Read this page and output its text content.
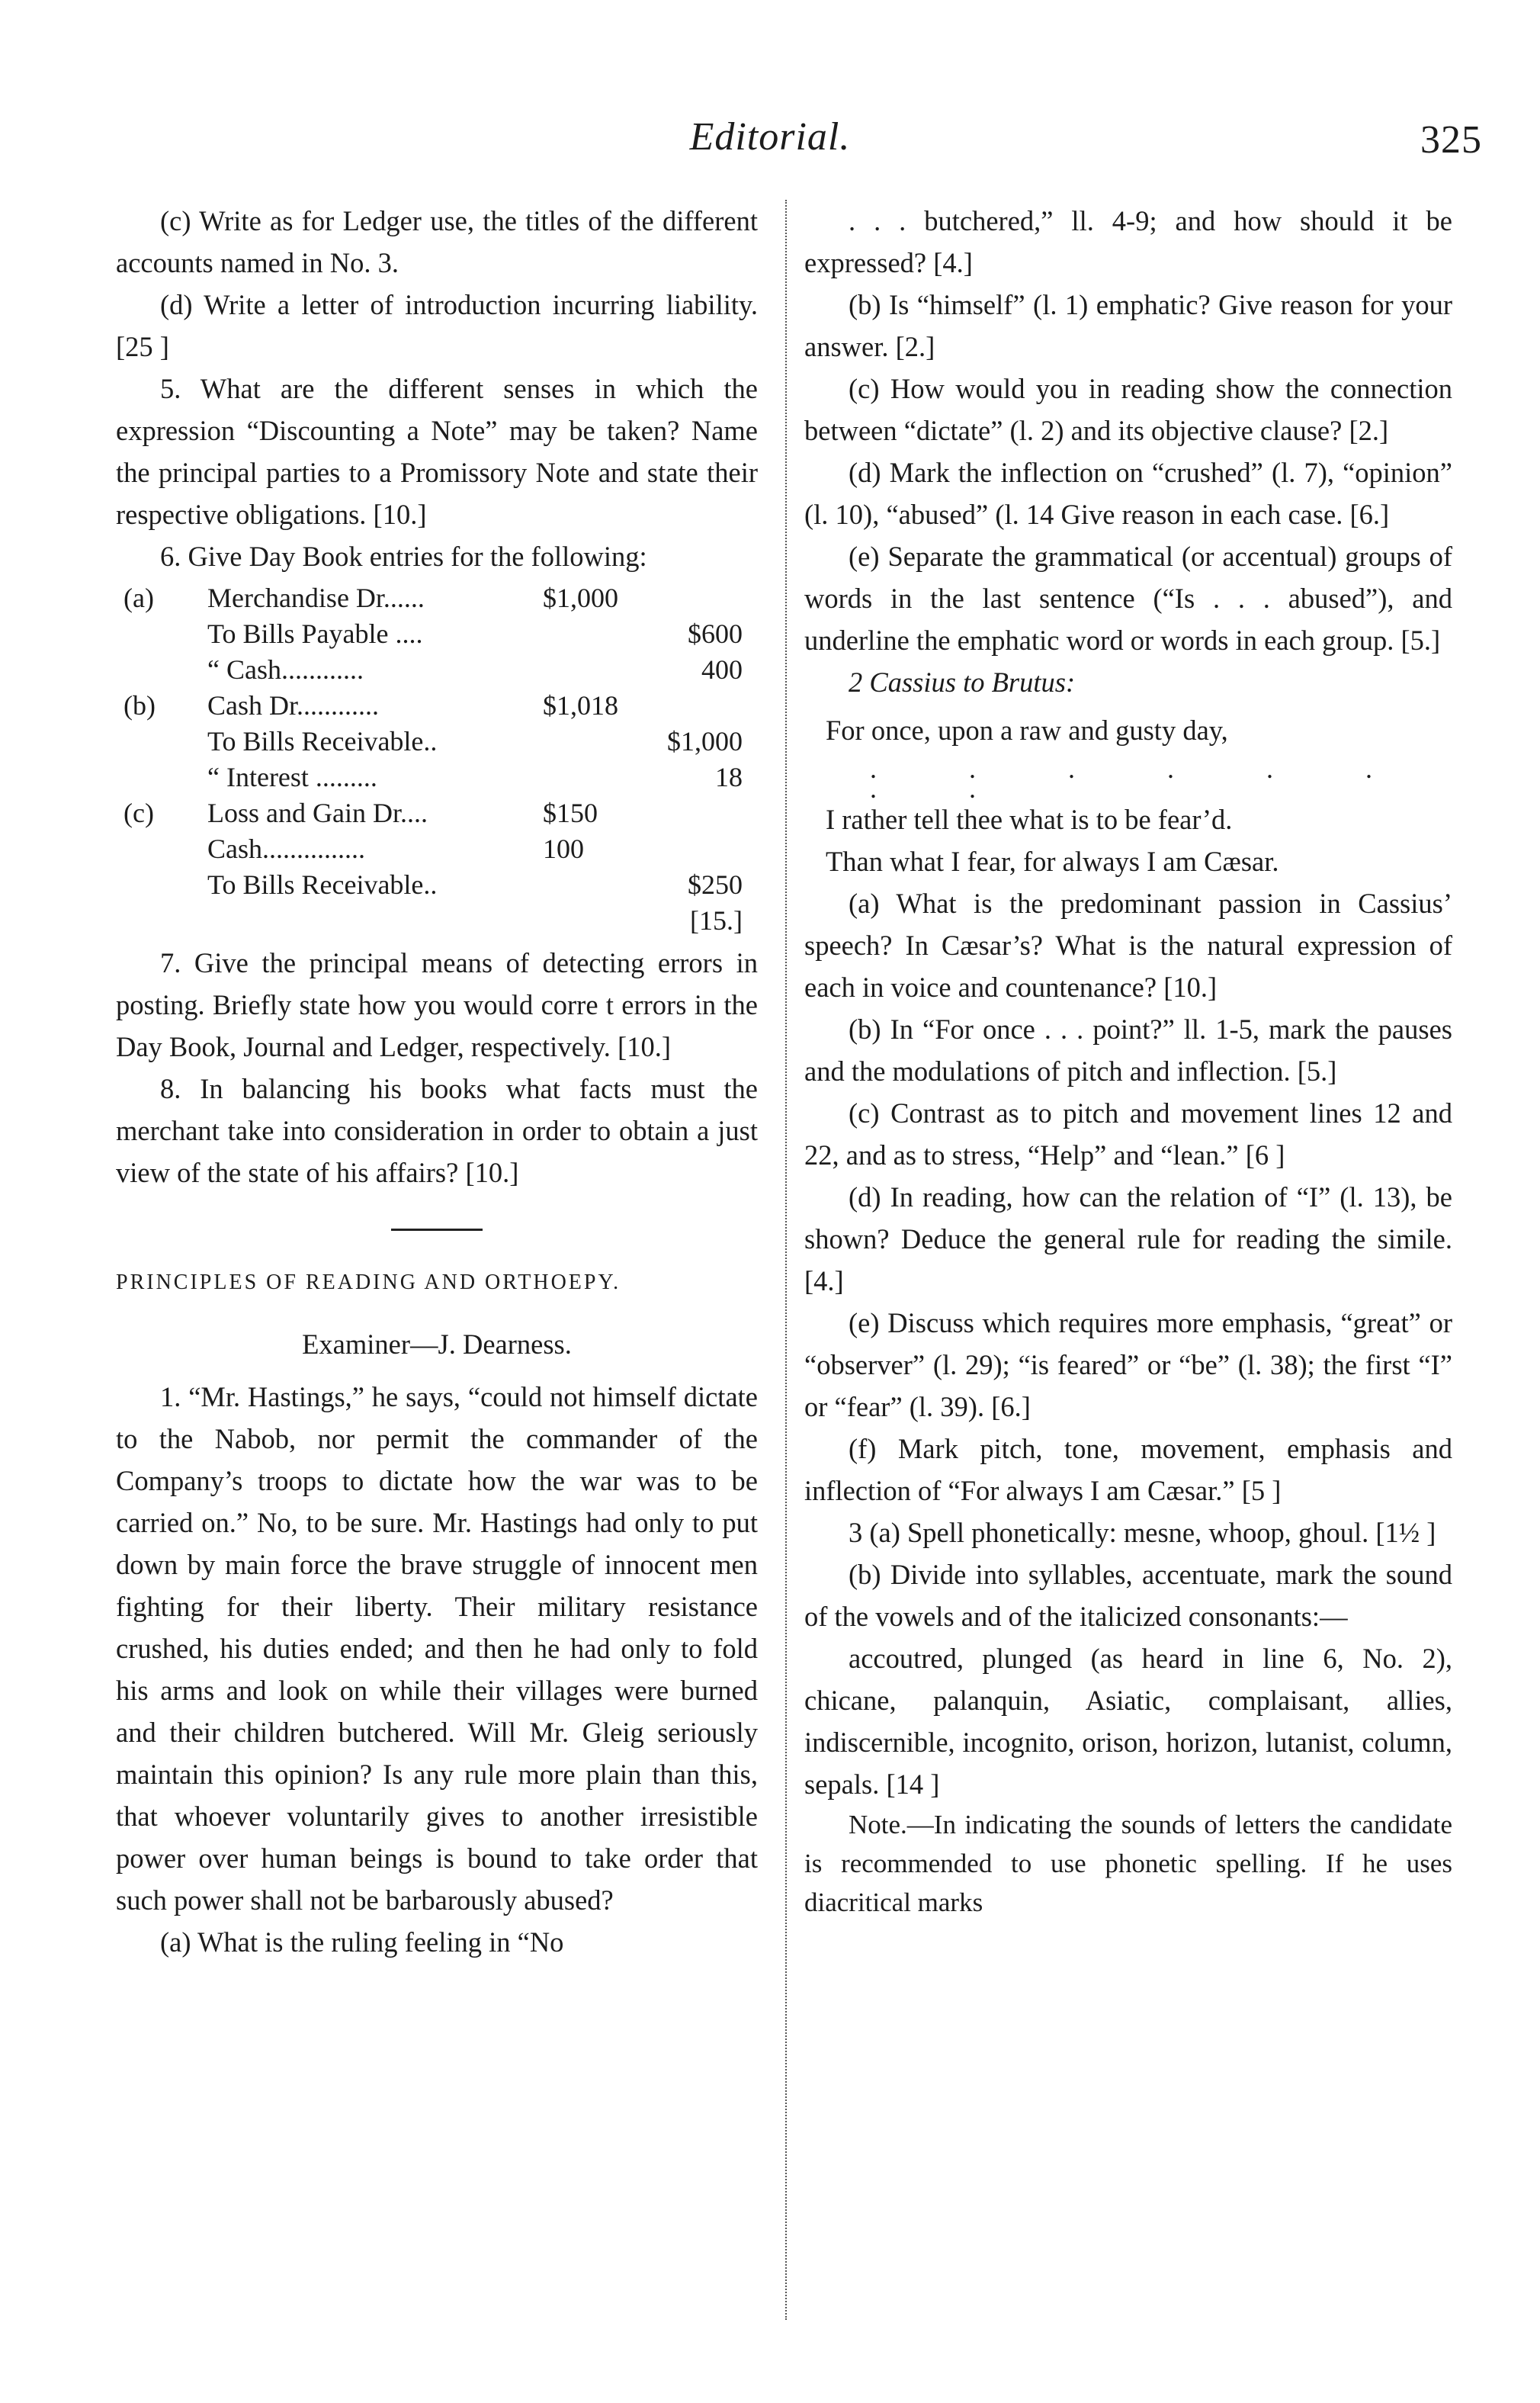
Editorial.	325

(c) Write as for Ledger use, the titles of the different accounts named in No. 3.

(d) Write a letter of introduction incurring liability. [25 ]

5. What are the different senses in which the expression “Discounting a Note” may be taken? Name the principal parties to a Promissory Note and state their respective obligations. [10.]

6. Give Day Book entries for the following:

(a) Merchandise Dr......	$1,000
To Bills Payable ....	$600
“ Cash............	400
(b) Cash Dr............	$1,018
To Bills Receivable..	$1,000
“ Interest .........	18
(c) Loss and Gain Dr....	$150
Cash...............	100
To Bills Receivable..	$250
[15.]

7. Give the principal means of detecting errors in posting. Briefly state how you would corre t errors in the Day Book, Journal and Ledger, respectively. [10.]

8. In balancing his books what facts must the merchant take into consideration in order to obtain a just view of the state of his affairs? [10.]

PRINCIPLES OF READING AND ORTHOEPY.

Examiner—J. Dearness.

1. “Mr. Hastings,” he says, “could not himself dictate to the Nabob, nor permit the commander of the Company’s troops to dictate how the war was to be carried on.” No, to be sure. Mr. Hastings had only to put down by main force the brave struggle of innocent men fighting for their liberty. Their military resistance crushed, his duties ended; and then he had only to fold his arms and look on while their villages were burned and their children butchered. Will Mr. Gleig seriously maintain this opinion? Is any rule more plain than this, that whoever voluntarily gives to another irresistible power over human beings is bound to take order that such power shall not be barbarously abused?

(a) What is the ruling feeling in “No

. . . butchered,” ll. 4-9; and how should it be expressed? [4.]

(b) Is “himself” (l. 1) emphatic? Give reason for your answer. [2.]

(c) How would you in reading show the connection between “dictate” (l. 2) and its objective clause? [2.]

(d) Mark the inflection on “crushed” (l. 7), “opinion” (l. 10), “abused” (l. 14 Give reason in each case. [6.]

(e) Separate the grammatical (or accentual) groups of words in the last sentence (“Is . . . abused”), and underline the emphatic word or words in each group. [5.]

2 Cassius to Brutus:

For once, upon a raw and gusty day,
. . . . . . . .
I rather tell thee what is to be fear’d.
Than what I fear, for always I am Cæsar.

(a) What is the predominant passion in Cassius’ speech? In Cæsar’s? What is the natural expression of each in voice and countenance? [10.]

(b) In “For once . . . point?” ll. 1-5, mark the pauses and the modulations of pitch and inflection. [5.]

(c) Contrast as to pitch and movement lines 12 and 22, and as to stress, “Help” and “lean.” [6 ]

(d) In reading, how can the relation of “I” (l. 13), be shown? Deduce the general rule for reading the simile. [4.]

(e) Discuss which requires more emphasis, “great” or “observer” (l. 29); “is feared” or “be” (l. 38); the first “I” or “fear” (l. 39). [6.]

(f) Mark pitch, tone, movement, emphasis and inflection of “For always I am Cæsar.” [5 ]

3 (a) Spell phonetically: mesne, whoop, ghoul. [1½ ]

(b) Divide into syllables, accentuate, mark the sound of the vowels and of the italicized consonants:—

accoutred, plunged (as heard in line 6, No. 2), chicane, palanquin, Asiatic, complaisant, allies, indiscernible, incognito, orison, horizon, lutanist, column, sepals. [14 ]

Note.—In indicating the sounds of letters the candidate is recommended to use phonetic spelling. If he uses diacritical marks
